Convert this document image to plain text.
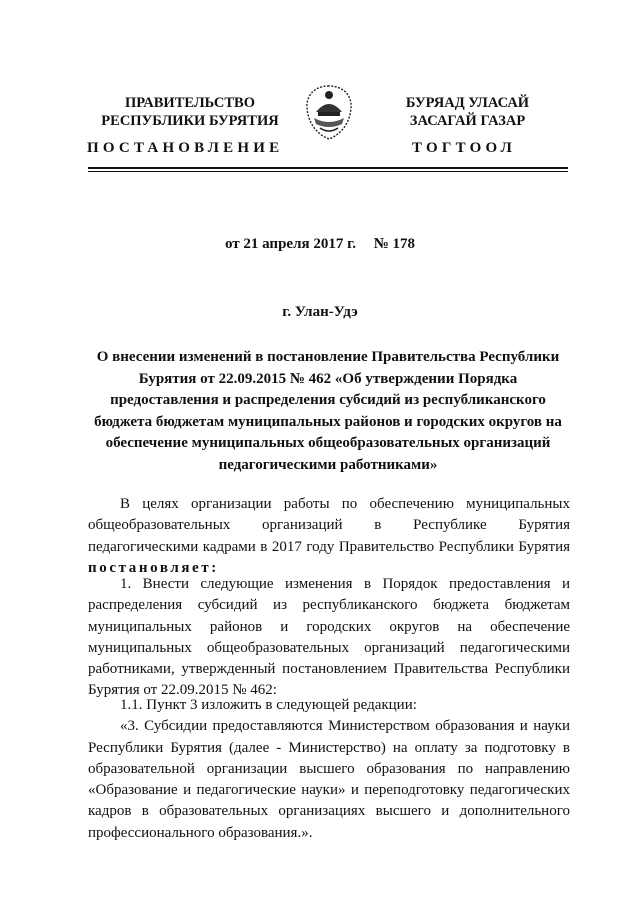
ПРАВИТЕЛЬСТВО
РЕСПУБЛИКИ БУРЯТИЯ
БУРЯАД УЛАСАЙ
ЗАСАГАЙ ГАЗАР
ПОСТАНОВЛЕНИЕ	ТОГТООЛ
от 21 апреля 2017 г. № 178
г. Улан-Удэ
О внесении изменений в постановление Правительства Республики Бурятия от 22.09.2015 № 462 «Об утверждении Порядка предоставления и распределения субсидий из республиканского бюджета бюджетам муниципальных районов и городских округов на обеспечение муниципальных общеобразовательных организаций педагогическими работниками»

В целях организации работы по обеспечению муниципальных общеобразовательных организаций в Республике Бурятия педагогическими кадрами в 2017 году Правительство Республики Бурятия постановляет:

1. Внести следующие изменения в Порядок предоставления и распределения субсидий из республиканского бюджета бюджетам муниципальных районов и городских округов на обеспечение муниципальных общеобразовательных организаций педагогическими работниками, утвержденный постановлением Правительства Республики Бурятия от 22.09.2015 № 462:

1.1. Пункт 3 изложить в следующей редакции:

«3. Субсидии предоставляются Министерством образования и науки Республики Бурятия (далее - Министерство) на оплату за подготовку в образовательной организации высшего образования по направлению «Образование и педагогические науки» и переподготовку педагогических кадров в образовательных организациях высшего и дополнительного профессионального образования.».
